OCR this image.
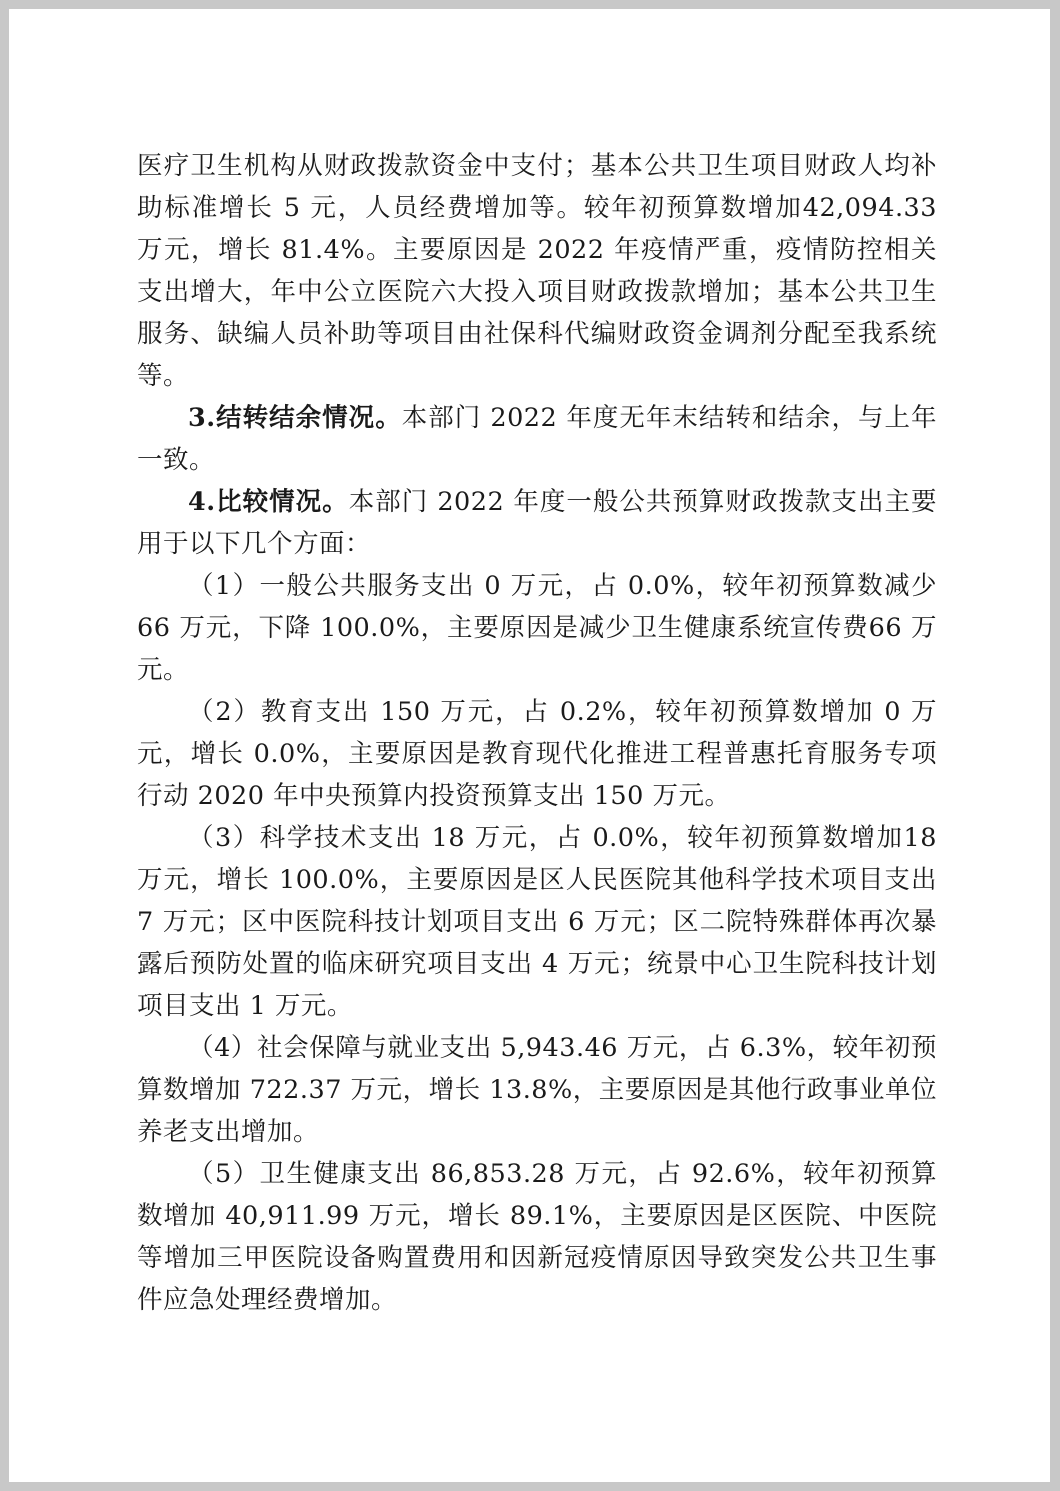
医疗卫生机构从财政拨款资金中支付；基本公共卫生项目财政人均补助标准增长 5 元，人员经费增加等。较年初预算数增加42,094.33 万元，增长 81.4%。主要原因是 2022 年疫情严重，疫情防控相关支出增大，年中公立医院六大投入项目财政拨款增加；基本公共卫生服务、缺编人员补助等项目由社保科代编财政资金调剂分配至我系统等。

3.结转结余情况。本部门 2022 年度无年末结转和结余，与上年一致。

4.比较情况。本部门 2022 年度一般公共预算财政拨款支出主要用于以下几个方面：

（1）一般公共服务支出 0 万元，占 0.0%，较年初预算数减少 66 万元，下降 100.0%，主要原因是减少卫生健康系统宣传费66 万元。

（2）教育支出 150 万元，占 0.2%，较年初预算数增加 0 万元，增长 0.0%，主要原因是教育现代化推进工程普惠托育服务专项行动 2020 年中央预算内投资预算支出 150 万元。

（3）科学技术支出 18 万元，占 0.0%，较年初预算数增加18 万元，增长 100.0%，主要原因是区人民医院其他科学技术项目支出 7 万元；区中医院科技计划项目支出 6 万元；区二院特殊群体再次暴露后预防处置的临床研究项目支出 4 万元；统景中心卫生院科技计划项目支出 1 万元。

（4）社会保障与就业支出 5,943.46 万元，占 6.3%，较年初预算数增加 722.37 万元，增长 13.8%，主要原因是其他行政事业单位养老支出增加。

（5）卫生健康支出 86,853.28 万元，占 92.6%，较年初预算数增加 40,911.99 万元，增长 89.1%，主要原因是区医院、中医院等增加三甲医院设备购置费用和因新冠疫情原因导致突发公共卫生事件应急处理经费增加。
